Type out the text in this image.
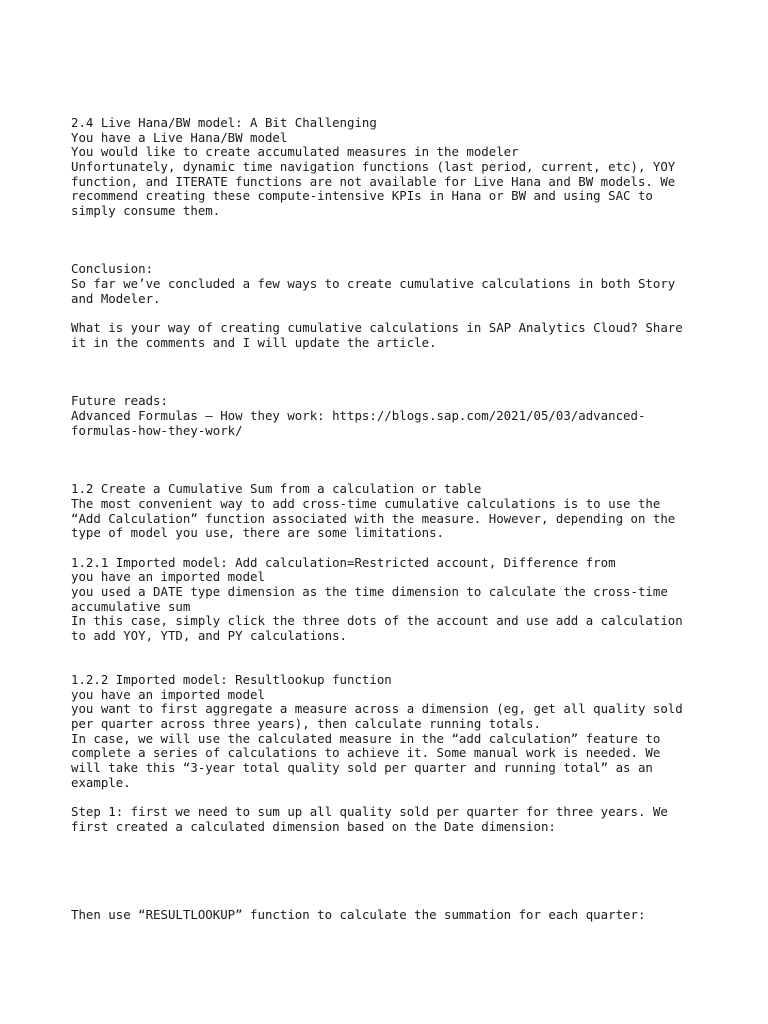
2.4 Live Hana/BW model: A Bit Challenging

You have a Live Hana/BW model

You would like to create accumulated measures in the modeler

Unfortunately, dynamic time navigation functions (last period, current, etc), YOY

function, and ITERATE functions are not available for Live Hana and BW models. We

recommend creating these compute-intensive KPIs in Hana or BW and using SAC to

simply consume them.

Conclusion:

So far we’ve concluded a few ways to create cumulative calculations in both Story

and Modeler.

What is your way of creating cumulative calculations in SAP Analytics Cloud? Share

it in the comments and I will update the article.

Future reads:

Advanced Formulas – How they work: https://blogs.sap.com/2021/05/03/advanced-

formulas-how-they-work/

1.2 Create a Cumulative Sum from a calculation or table

The most convenient way to add cross-time cumulative calculations is to use the

“Add Calculation” function associated with the measure. However, depending on the

type of model you use, there are some limitations.

1.2.1 Imported model: Add calculation=Restricted account, Difference from

you have an imported model

you used a DATE type dimension as the time dimension to calculate the cross-time

accumulative sum

In this case, simply click the three dots of the account and use add a calculation

to add YOY, YTD, and PY calculations.

1.2.2 Imported model: Resultlookup function

you have an imported model

you want to first aggregate a measure across a dimension (eg, get all quality sold

per quarter across three years), then calculate running totals.

In case, we will use the calculated measure in the “add calculation” feature to

complete a series of calculations to achieve it. Some manual work is needed. We

will take this “3-year total quality sold per quarter and running total” as an

example.

Step 1: first we need to sum up all quality sold per quarter for three years. We

first created a calculated dimension based on the Date dimension:

Then use “RESULTLOOKUP” function to calculate the summation for each quarter:
